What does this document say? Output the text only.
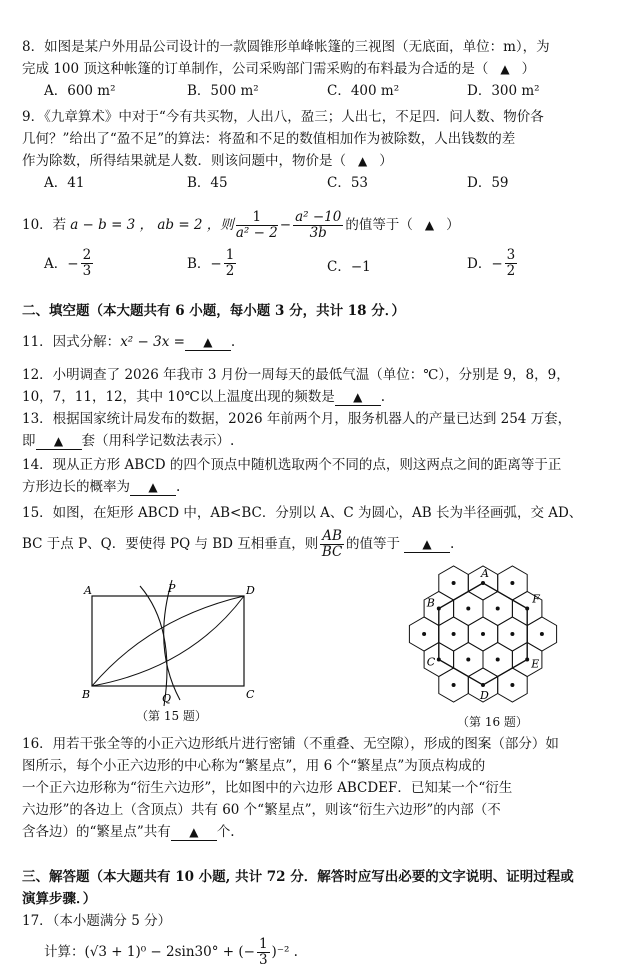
8．如图是某户外用品公司设计的一款圆锥形单峰帐篷的三视图（无底面，单位：m），为
完成 100 顶这种帐篷的订单制作，公司采购部门需采购的布料最为合适的是（ ▲ ）
A．600 m²	B．500 m²	C．400 m²	D．300 m²
9．《九章算术》中对于“今有共买物，人出八，盈三；人出七，不足四．问人数、物价各
几何？”给出了“盈不足”的算法：将盈和不足的数值相加作为被除数，人出钱数的差
作为除数，所得结果就是人数．则该问题中，物价是（ ▲ ）
A．41	B．45	C．53	D．59
10．若 a − b = 3 ， ab = 2 ，则 $\frac{1}{\text{a² − 2}} - \frac{\text{a² −10}}{3b}$ 的值等于（ ▲ ）
A． − $\frac{2}{3}$	B． − $\frac{1}{2}$	C．−1	D． − $\frac{3}{2}$
二、填空题（本大题共有 6 小题，每小题 3 分，共计 18 分．）
11．因式分解：x² − 3x = ▲ .
12．小明调查了 2026 年我市 3 月份一周每天的最低气温（单位：℃），分别是 9，8，9，
10，7，11，12，其中 10℃以上温度出现的频数是 ▲ .
13．根据国家统计局发布的数据，2026 年前两个月，服务机器人的产量已达到 254 万套，
即 ▲ 套（用科学记数法表示）.
14．现从正方形 ABCD 的四个顶点中随机选取两个不同的点，则这两点之间的距离等于正
方形边长的概率为 ▲ .
15．如图，在矩形 ABCD 中，AB<BC．分别以 A、C 为圆心，AB 长为半径画弧，交 AD、
BC 于点 P、Q．要使得 PQ 与 BD 互相垂直，则 $\frac{AB}{BC}$ 的值等于	▲	.
A	P	D
B	Q	C
（第 15 题）
A
B	F
C	E
D
（第 16 题）
16．用若干张全等的小正六边形纸片进行密铺（不重叠、无空隙），形成的图案（部分）如
图所示，每个小正六边形的中心称为“繁星点”，用 6 个“繁星点”为顶点构成的
一个正六边形称为“衍生六边形”，比如图中的六边形 ABCDEF．已知某一个“衍生
六边形”的各边上（含顶点）共有 60 个“繁星点”，则该“衍生六边形”的内部（不
含各边）的“繁星点”共有 ▲ 个.
三、解答题（本大题共有 10 小题, 共计 72 分．解答时应写出必要的文字说明、证明过程或
演算步骤．）
17．（本小题满分 5 分）
计算： (√3 + 1)⁰ − 2sin30° + (− $\frac{1}{3} )^{-2}$ .
